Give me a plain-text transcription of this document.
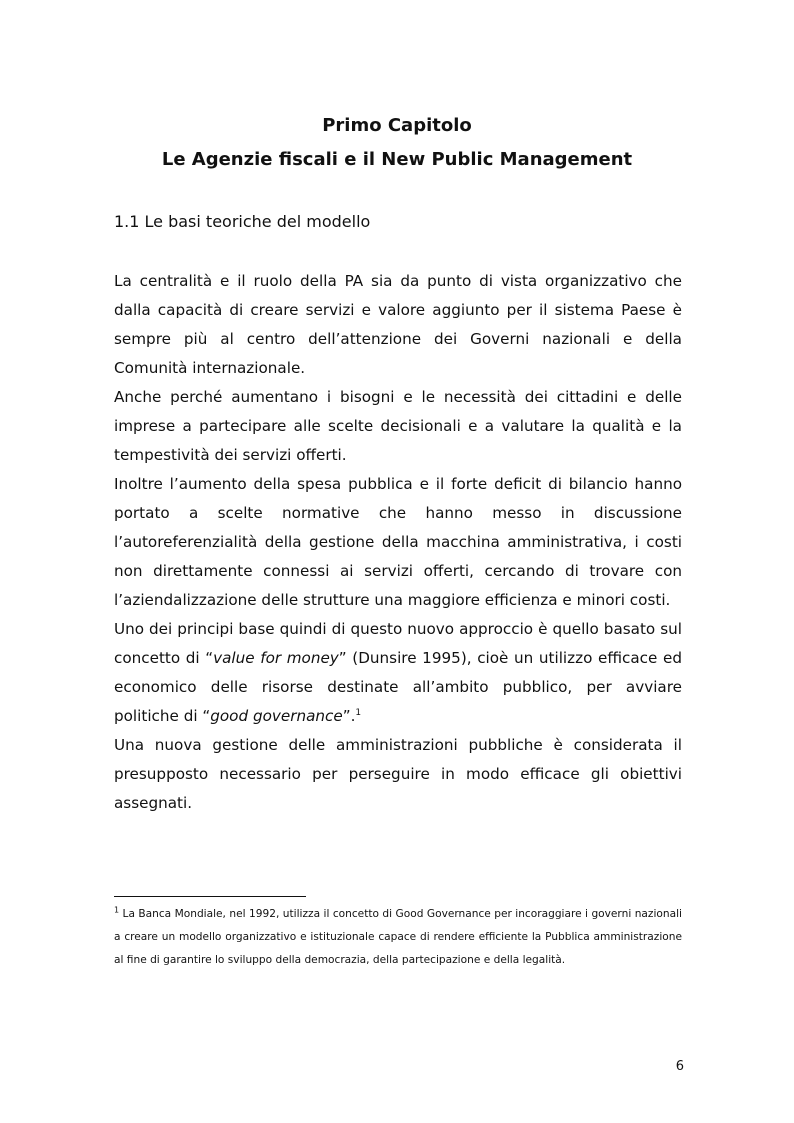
Primo Capitolo
Le Agenzie fiscali e il New Public Management
1.1 Le basi teoriche del modello

La centralità e il ruolo della PA sia da punto di vista organizzativo che dalla capacità di creare servizi e valore aggiunto per il sistema Paese è sempre più al centro dell’attenzione dei Governi nazionali e della Comunità internazionale.

Anche perché aumentano i bisogni e le necessità dei cittadini e delle imprese a partecipare alle scelte decisionali e a valutare la qualità e la tempestività dei servizi offerti.

Inoltre l’aumento della spesa pubblica e il forte deficit di bilancio hanno portato a scelte normative che hanno messo in discussione l’autoreferenzialità della gestione della macchina amministrativa, i costi non direttamente connessi ai servizi offerti, cercando di trovare con l’aziendalizzazione delle strutture una maggiore efficienza e minori costi.

Uno dei principi base quindi di questo nuovo approccio è quello basato sul concetto di “value for money” (Dunsire 1995), cioè un utilizzo efficace ed economico delle risorse destinate all’ambito pubblico, per avviare politiche di “good governance”.$^1$

Una nuova gestione delle amministrazioni pubbliche è considerata il presupposto necessario per perseguire in modo efficace gli obiettivi assegnati.

$^1$ La Banca Mondiale, nel 1992, utilizza il concetto di Good Governance per incoraggiare i governi nazionali a creare un modello organizzativo e istituzionale capace di rendere efficiente la Pubblica amministrazione al fine di garantire lo sviluppo della democrazia, della partecipazione e della legalità.

6
